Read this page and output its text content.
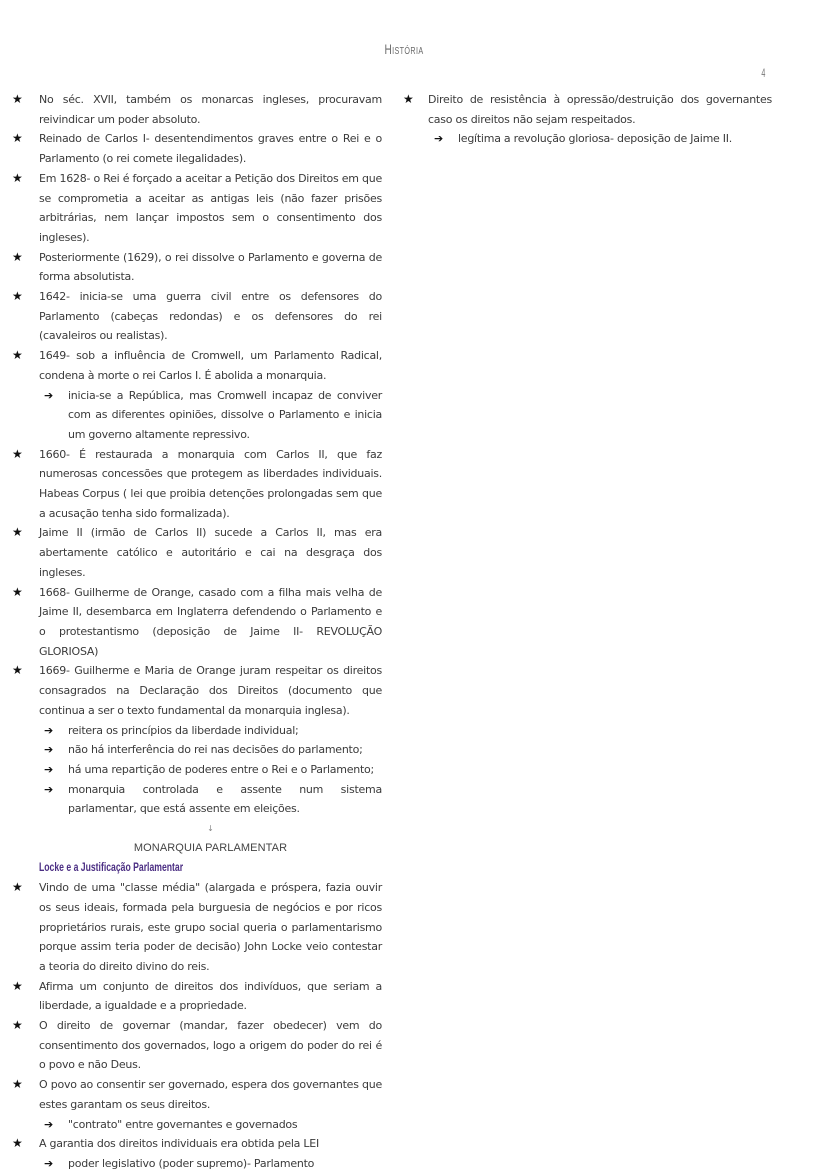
História
4
★ No séc. XVII, também os monarcas ingleses, procuravam reivindicar um poder absoluto.
★ Reinado de Carlos I- desentendimentos graves entre o Rei e o Parlamento (o rei comete ilegalidades).
★ Em 1628- o Rei é forçado a aceitar a Petição dos Direitos em que se comprometia a aceitar as antigas leis (não fazer prisões arbitrárias, nem lançar impostos sem o consentimento dos ingleses).
★ Posteriormente (1629), o rei dissolve o Parlamento e governa de forma absolutista.
★ 1642- inicia-se uma guerra civil entre os defensores do Parlamento (cabeças redondas) e os defensores do rei (cavaleiros ou realistas).
★ 1649- sob a influência de Cromwell, um Parlamento Radical, condena à morte o rei Carlos I. É abolida a monarquia.
➔ inicia-se a República, mas Cromwell incapaz de conviver com as diferentes opiniões, dissolve o Parlamento e inicia um governo altamente repressivo.
★ 1660- É restaurada a monarquia com Carlos II, que faz numerosas concessões que protegem as liberdades individuais. Habeas Corpus ( lei que proibia detenções prolongadas sem que a acusação tenha sido formalizada).
★ Jaime II (irmão de Carlos II) sucede a Carlos II, mas era abertamente católico e autoritário e cai na desgraça dos ingleses.
★ 1668- Guilherme de Orange, casado com a filha mais velha de Jaime II, desembarca em Inglaterra defendendo o Parlamento e o protestantismo (deposição de Jaime II- REVOLUÇÃO GLORIOSA)
★ 1669- Guilherme e Maria de Orange juram respeitar os direitos consagrados na Declaração dos Direitos (documento que continua a ser o texto fundamental da monarquia inglesa).
➔ reitera os princípios da liberdade individual;
➔ não há interferência do rei nas decisões do parlamento;
➔ há uma repartição de poderes entre o Rei e o Parlamento;
➔ monarquia controlada e assente num sistema parlamentar, que está assente em eleições.
↓
MONARQUIA PARLAMENTAR
Locke e a Justificação Parlamentar
★ Vindo de uma "classe média" (alargada e próspera, fazia ouvir os seus ideais, formada pela burguesia de negócios e por ricos proprietários rurais, este grupo social queria o parlamentarismo porque assim teria poder de decisão) John Locke veio contestar a teoria do direito divino do reis.
★ Afirma um conjunto de direitos dos indivíduos, que seriam a liberdade, a igualdade e a propriedade.
★ O direito de governar (mandar, fazer obedecer) vem do consentimento dos governados, logo a origem do poder do rei é o povo e não Deus.
★ O povo ao consentir ser governado, espera dos governantes que estes garantam os seus direitos.
➔ "contrato" entre governantes e governados
★ A garantia dos direitos individuais era obtida pela LEI
➔ poder legislativo (poder supremo)- Parlamento
★ Direito de resistência à opressão/destruição dos governantes caso os direitos não sejam respeitados.
➔ legítima a revolução gloriosa- deposição de Jaime II.
